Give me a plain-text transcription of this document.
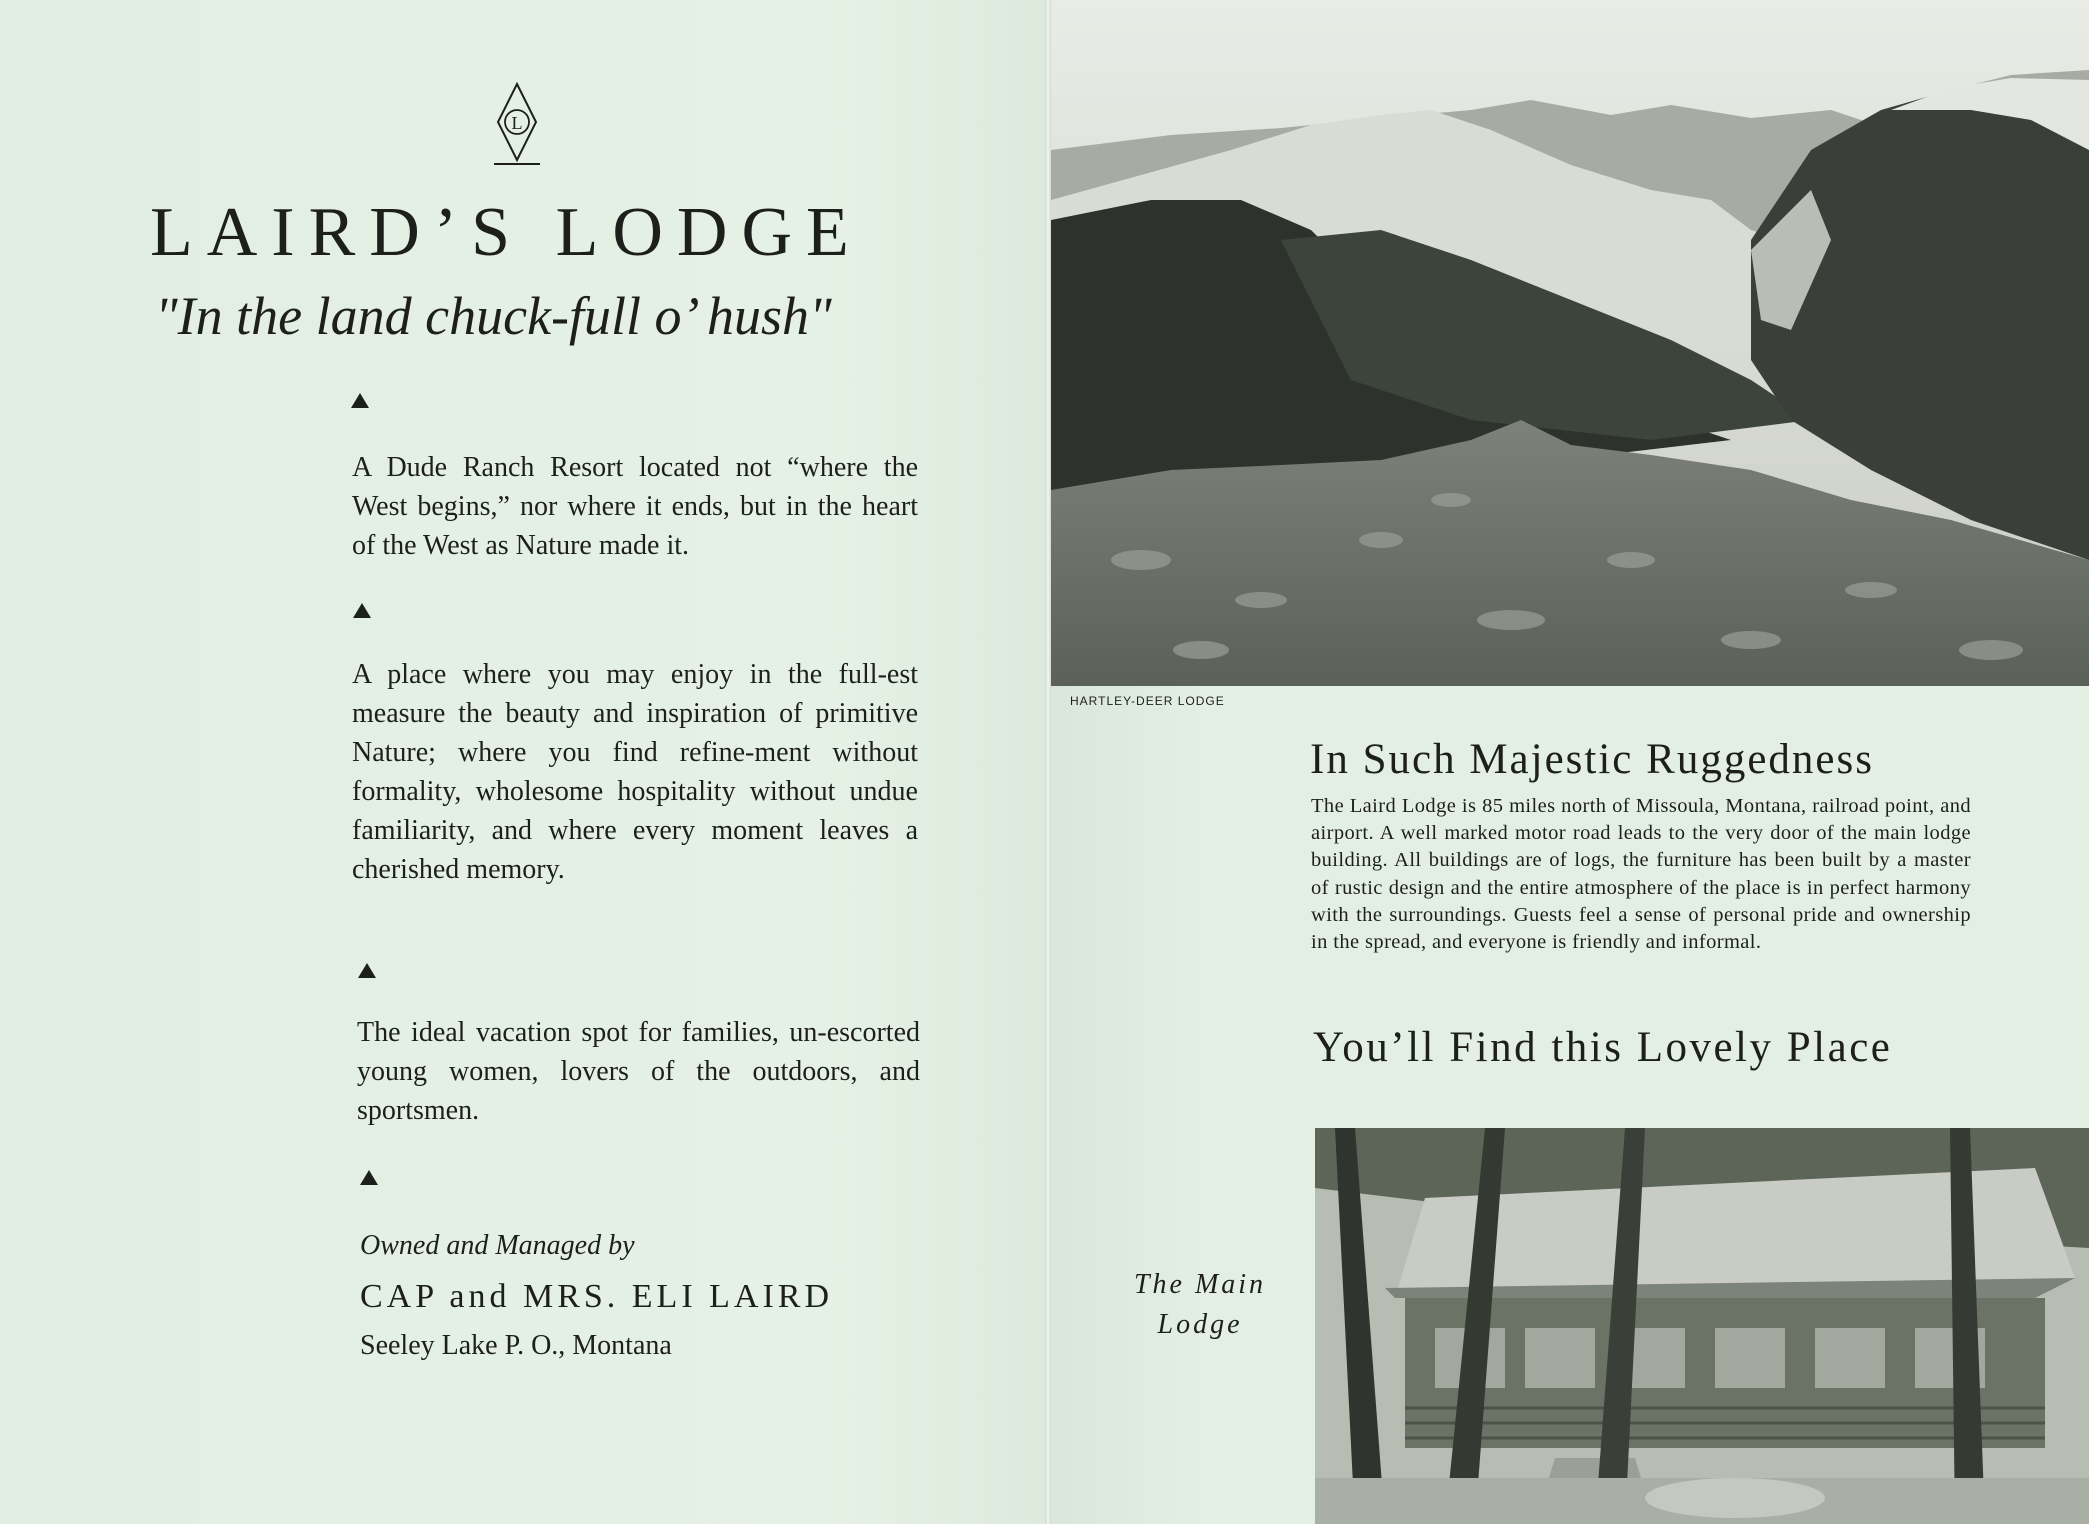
L
LAIRD’S LODGE

"In the land chuck-full o’ hush"

A Dude Ranch Resort located not “where the West begins,” nor where it ends, but in the heart of the West as Nature made it.

A place where you may enjoy in the full-est measure the beauty and inspiration of primitive Nature; where you find refine-ment without formality, wholesome hospitality without undue familiarity, and where every moment leaves a cherished memory.

The ideal vacation spot for families, un-escorted young women, lovers of the outdoors, and sportsmen.

Owned and Managed by

CAP and MRS. ELI LAIRD

Seeley Lake P. O., Montana

HARTLEY-DEER LODGE

In Such Majestic Ruggedness

The Laird Lodge is 85 miles north of Missoula, Montana, railroad point, and airport. A well marked motor road leads to the very door of the main lodge building. All buildings are of logs, the furniture has been built by a master of rustic design and the entire atmosphere of the place is in perfect harmony with the surroundings. Guests feel a sense of personal pride and ownership in the spread, and everyone is friendly and informal.

You’ll Find this Lovely Place
The Main
Lodge
